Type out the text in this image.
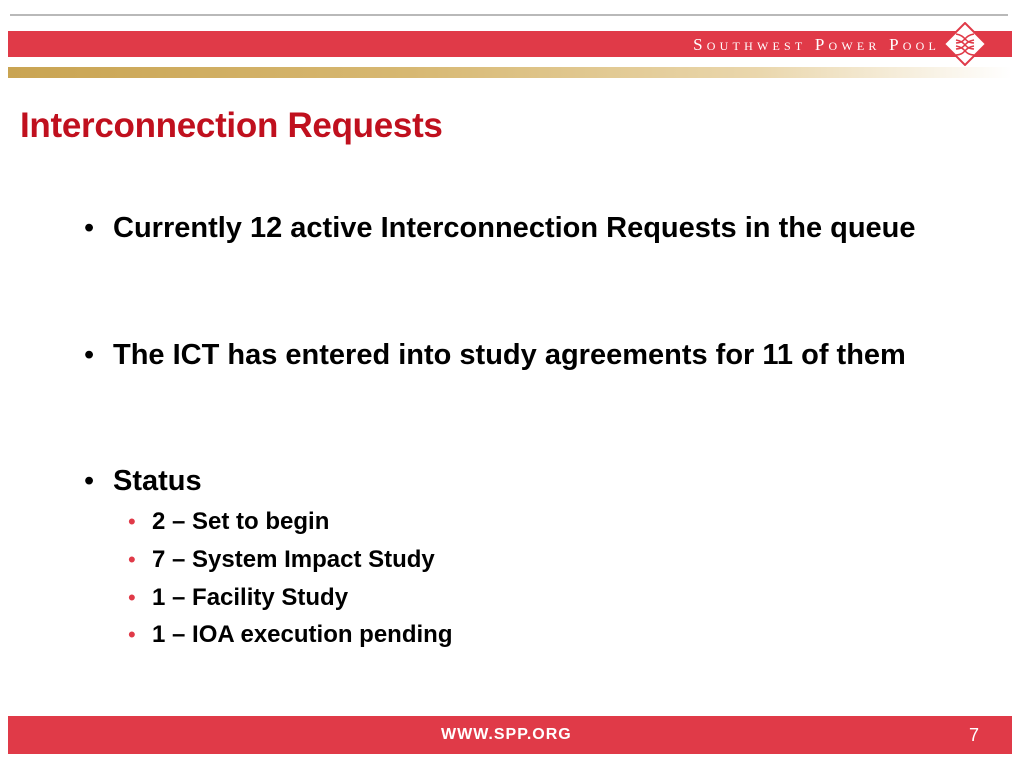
Southwest Power Pool
Interconnection Requests
• Currently 12 active Interconnection Requests in the queue
• The ICT has entered into study agreements for 11 of them
• Status
• 2 – Set to begin
• 7 – System Impact Study
• 1 – Facility Study
• 1 – IOA execution pending
WWW.SPP.ORG	7
